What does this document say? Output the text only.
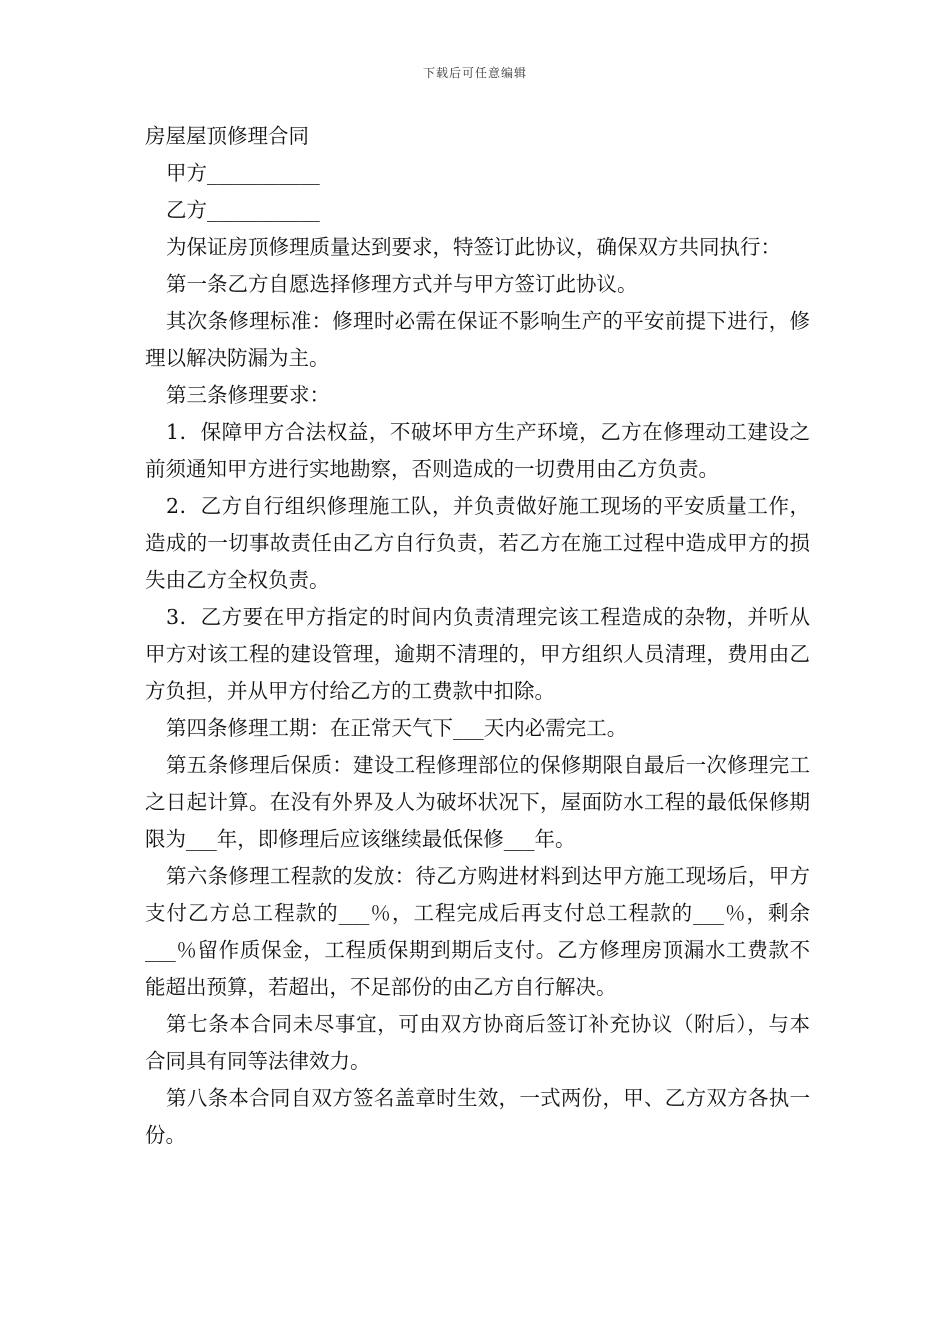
下载后可任意编辑
房屋屋顶修理合同

甲方___________

乙方___________

为保证房顶修理质量达到要求，特签订此协议，确保双方共同执行：

第一条乙方自愿选择修理方式并与甲方签订此协议。

其次条修理标准：修理时必需在保证不影响生产的平安前提下进行，修理以解决防漏为主。

第三条修理要求：

1．保障甲方合法权益，不破坏甲方生产环境，乙方在修理动工建设之前须通知甲方进行实地勘察，否则造成的一切费用由乙方负责。

2．乙方自行组织修理施工队，并负责做好施工现场的平安质量工作，造成的一切事故责任由乙方自行负责，若乙方在施工过程中造成甲方的损失由乙方全权负责。

3．乙方要在甲方指定的时间内负责清理完该工程造成的杂物，并听从甲方对该工程的建设管理，逾期不清理的，甲方组织人员清理，费用由乙方负担，并从甲方付给乙方的工费款中扣除。

第四条修理工期：在正常天气下___天内必需完工。

第五条修理后保质：建设工程修理部位的保修期限自最后一次修理完工之日起计算。在没有外界及人为破坏状况下，屋面防水工程的最低保修期限为___年，即修理后应该继续最低保修___年。

第六条修理工程款的发放：待乙方购进材料到达甲方施工现场后，甲方支付乙方总工程款的___％，工程完成后再支付总工程款的___％，剩余___％留作质保金，工程质保期到期后支付。乙方修理房顶漏水工费款不能超出预算，若超出，不足部份的由乙方自行解决。

第七条本合同未尽事宜，可由双方协商后签订补充协议（附后），与本合同具有同等法律效力。

第八条本合同自双方签名盖章时生效，一式两份，甲、乙方双方各执一份。
